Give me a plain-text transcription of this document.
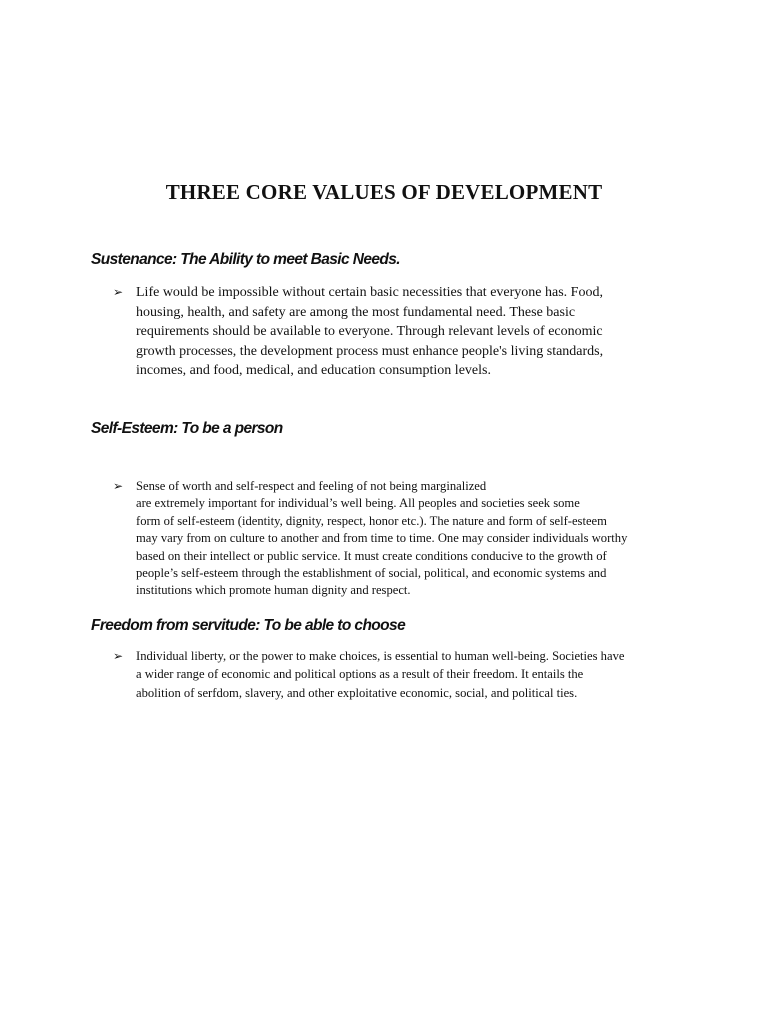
THREE CORE VALUES OF DEVELOPMENT
Sustenance: The Ability to meet Basic Needs.
➢ Life would be impossible without certain basic necessities that everyone has. Food,
housing, health, and safety are among the most fundamental need. These basic
requirements should be available to everyone. Through relevant levels of economic
growth processes, the development process must enhance people's living standards,
incomes, and food, medical, and education consumption levels.

Self-Esteem: To be a person
➢ Sense of worth and self-respect and feeling of not being marginalized
are extremely important for individual’s well being. All peoples and societies seek some
form of self-esteem (identity, dignity, respect, honor etc.). The nature and form of self-esteem
may vary from on culture to another and from time to time. One may consider individuals worthy
based on their intellect or public service. It must create conditions conducive to the growth of
people’s self-esteem through the establishment of social, political, and economic systems and
institutions which promote human dignity and respect.

Freedom from servitude: To be able to choose
➢ Individual liberty, or the power to make choices, is essential to human well-being. Societies have
a wider range of economic and political options as a result of their freedom. It entails the
abolition of serfdom, slavery, and other exploitative economic, social, and political ties.
